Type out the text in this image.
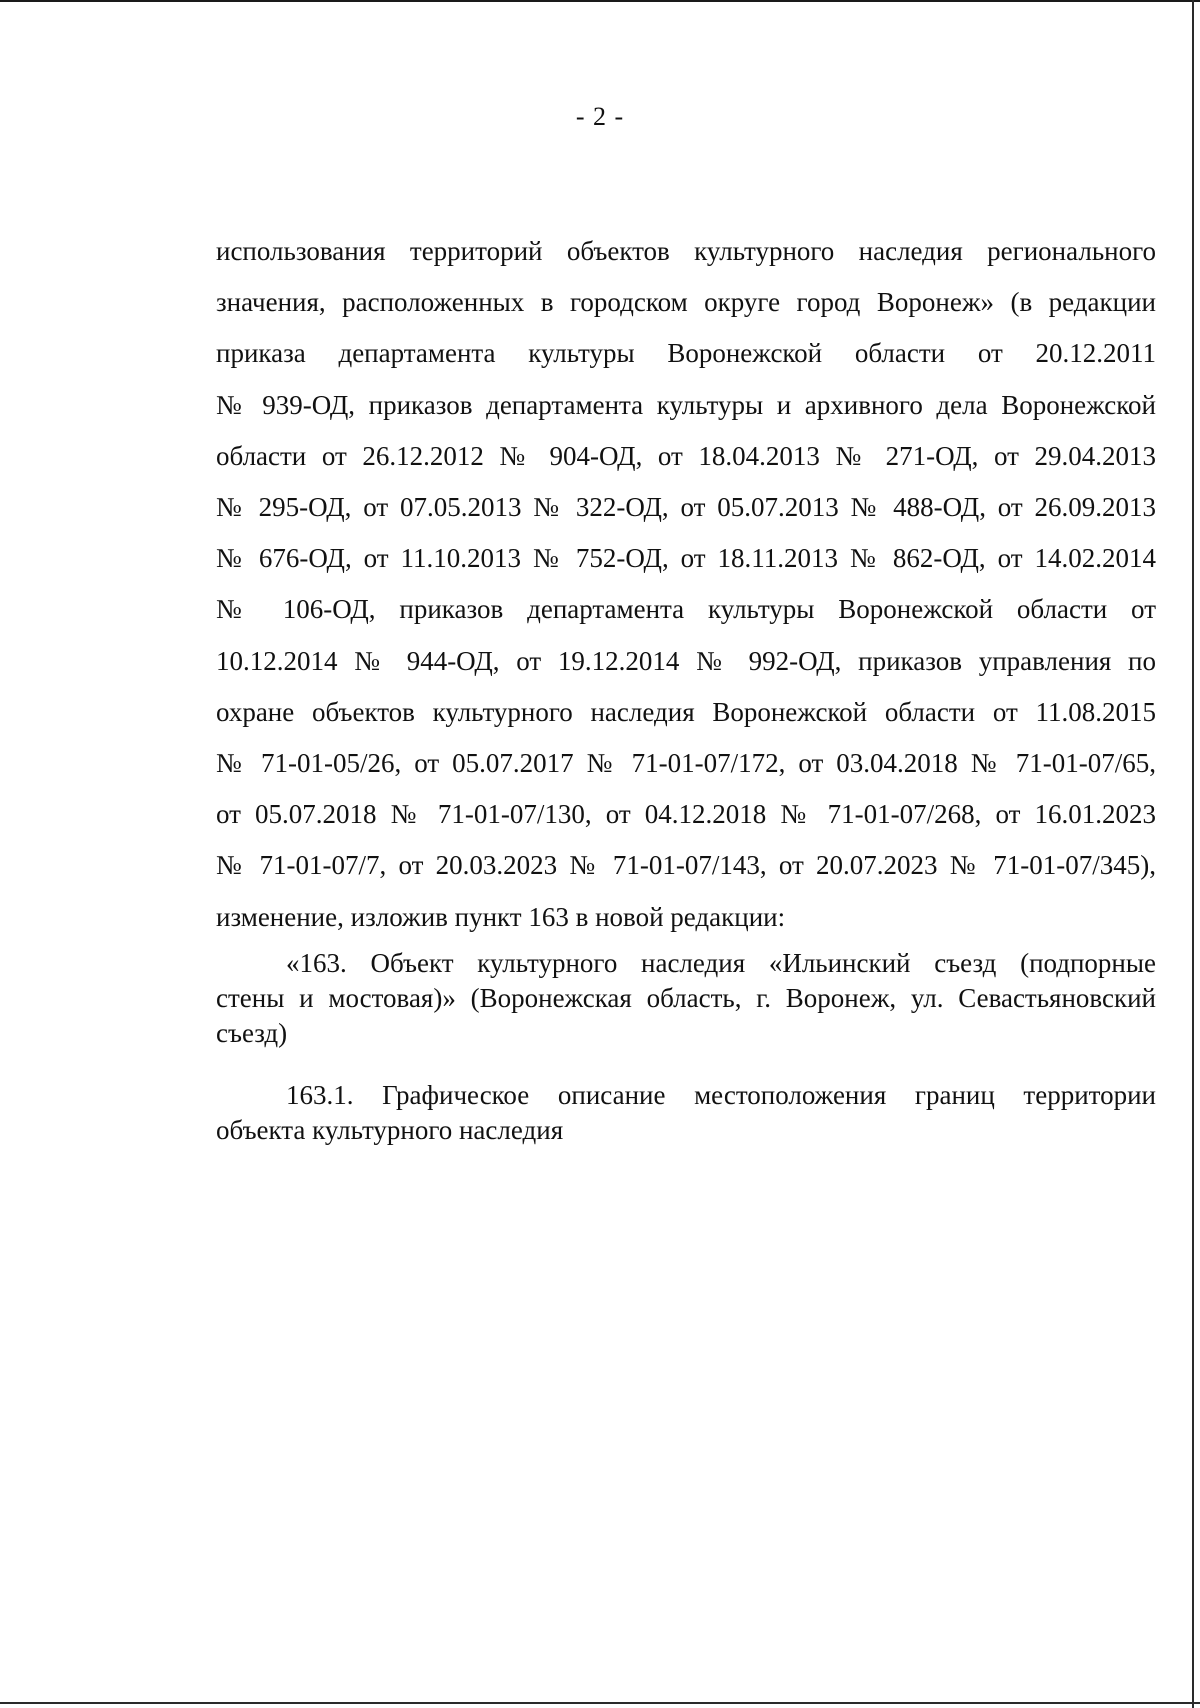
- 2 -
использования территорий объектов культурного наследия регионального
значения, расположенных в городском округе город Воронеж» (в редакции
приказа департамента культуры Воронежской области от 20.12.2011
№ 939-ОД, приказов департамента культуры и архивного дела Воронежской
области от 26.12.2012 № 904-ОД, от 18.04.2013 № 271-ОД, от 29.04.2013
№ 295-ОД, от 07.05.2013 № 322-ОД, от 05.07.2013 № 488-ОД, от 26.09.2013
№ 676-ОД, от 11.10.2013 № 752-ОД, от 18.11.2013 № 862-ОД, от 14.02.2014
№ 106-ОД, приказов департамента культуры Воронежской области от
10.12.2014 № 944-ОД, от 19.12.2014 № 992-ОД, приказов управления по
охране объектов культурного наследия Воронежской области от 11.08.2015
№ 71-01-05/26, от 05.07.2017 № 71-01-07/172, от 03.04.2018 № 71-01-07/65,
от 05.07.2018 № 71-01-07/130, от 04.12.2018 № 71-01-07/268, от 16.01.2023
№ 71-01-07/7, от 20.03.2023 № 71-01-07/143, от 20.07.2023 № 71-01-07/345),
изменение, изложив пункт 163 в новой редакции:
«163. Объект культурного наследия «Ильинский съезд (подпорные
стены и мостовая)» (Воронежская область, г. Воронеж, ул. Севастьяновский
съезд)
163.1. Графическое описание местоположения границ территории
объекта культурного наследия
